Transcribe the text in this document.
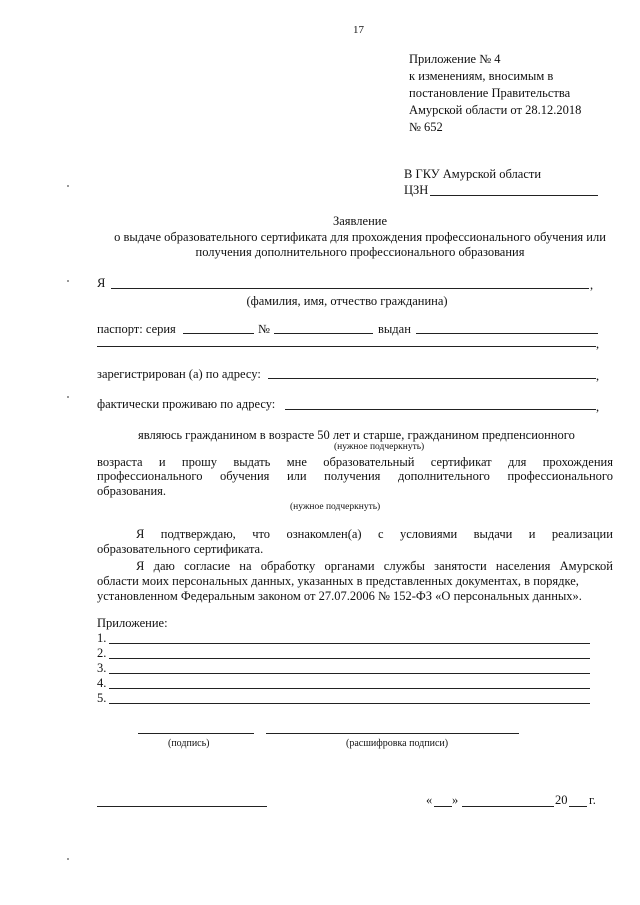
17
Приложение № 4
к изменениям, вносимым в
постановление Правительства
Амурской области от 28.12.2018
№ 652
В ГКУ Амурской области
ЦЗН
Заявление
о выдаче образовательного сертификата для прохождения профессионального обучения или
получения дополнительного профессионального образования
Я	,
(фамилия, имя, отчество гражданина)
паспорт: серия	№	выдан
,
зарегистрирован (а) по адресу:	,
фактически проживаю по адресу:	,
являюсь гражданином в возрасте 50 лет и старше, гражданином предпенсионного
(нужное подчеркнуть)
возраста и прошу выдать мне образовательный сертификат для прохождения
профессионального обучения или получения дополнительного профессионального
образования.
(нужное подчеркнуть)
Я подтверждаю, что ознакомлен(а) с условиями выдачи и реализации
образовательного сертификата.
Я даю согласие на обработку органами службы занятости населения Амурской
области моих персональных данных, указанных в представленных документах, в порядке,
установленном Федеральным законом от 27.07.2006 № 152-ФЗ «О персональных данных».
Приложение:
1.
2.
3.
4.
5.
(подпись)	(расшифровка подписи)
« »	20 г.
